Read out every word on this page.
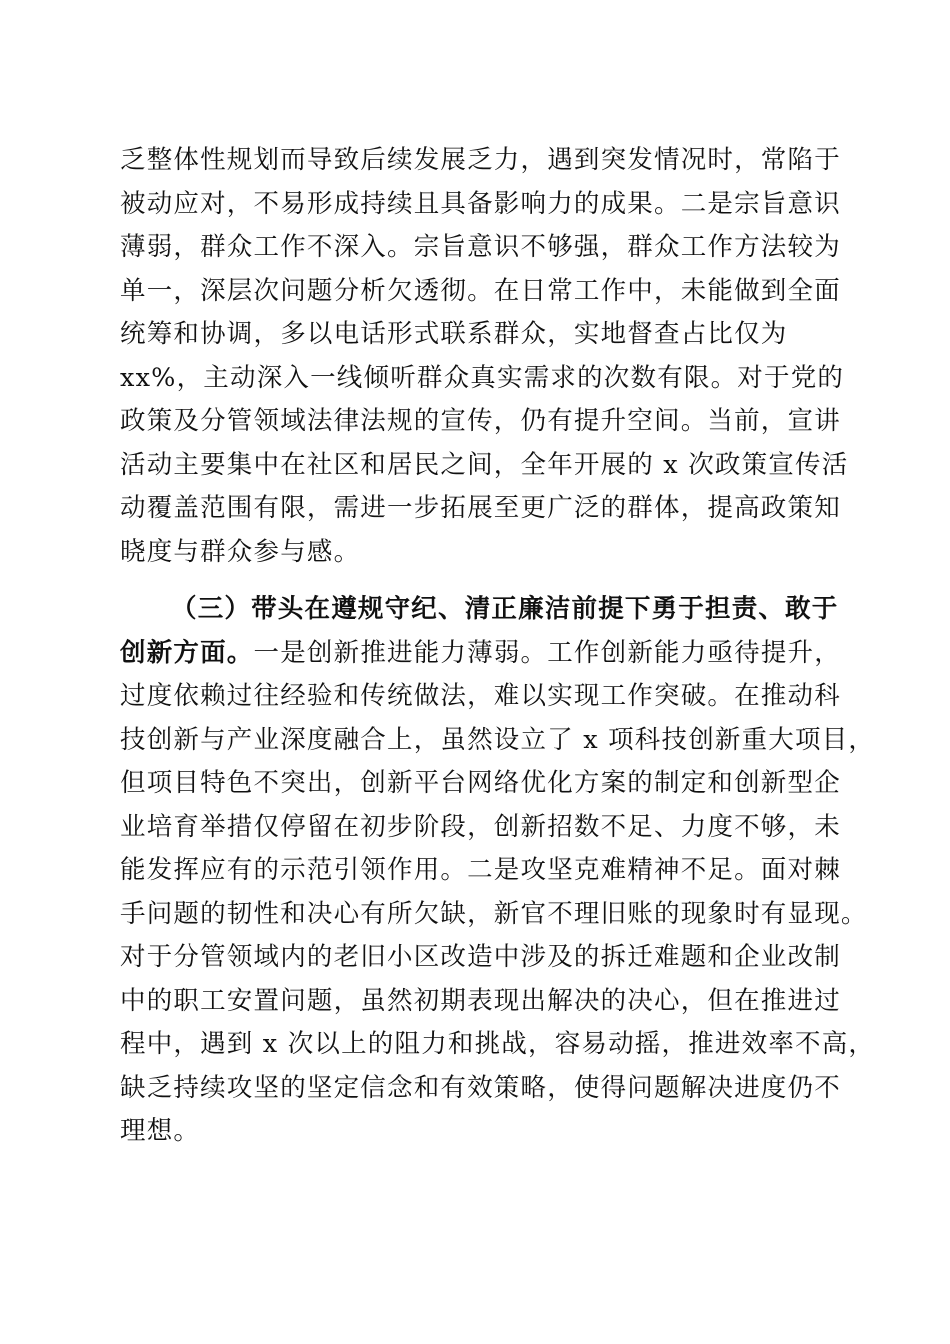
乏整体性规划而导致后续发展乏力，遇到突发情况时，常陷于
被动应对，不易形成持续且具备影响力的成果。二是宗旨意识
薄弱，群众工作不深入。宗旨意识不够强，群众工作方法较为
单一，深层次问题分析欠透彻。在日常工作中，未能做到全面
统筹和协调，多以电话形式联系群众，实地督查占比仅为
xx%，主动深入一线倾听群众真实需求的次数有限。对于党的
政策及分管领域法律法规的宣传，仍有提升空间。当前，宣讲
活动主要集中在社区和居民之间，全年开展的 x 次政策宣传活
动覆盖范围有限，需进一步拓展至更广泛的群体，提高政策知
晓度与群众参与感。
（三）带头在遵规守纪、清正廉洁前提下勇于担责、敢于
创新方面。一是创新推进能力薄弱。工作创新能力亟待提升，
过度依赖过往经验和传统做法，难以实现工作突破。在推动科
技创新与产业深度融合上，虽然设立了 x 项科技创新重大项目，
但项目特色不突出，创新平台网络优化方案的制定和创新型企
业培育举措仅停留在初步阶段，创新招数不足、力度不够，未
能发挥应有的示范引领作用。二是攻坚克难精神不足。面对棘
手问题的韧性和决心有所欠缺，新官不理旧账的现象时有显现。
对于分管领域内的老旧小区改造中涉及的拆迁难题和企业改制
中的职工安置问题，虽然初期表现出解决的决心，但在推进过
程中，遇到 x 次以上的阻力和挑战，容易动摇，推进效率不高，
缺乏持续攻坚的坚定信念和有效策略，使得问题解决进度仍不
理想。
